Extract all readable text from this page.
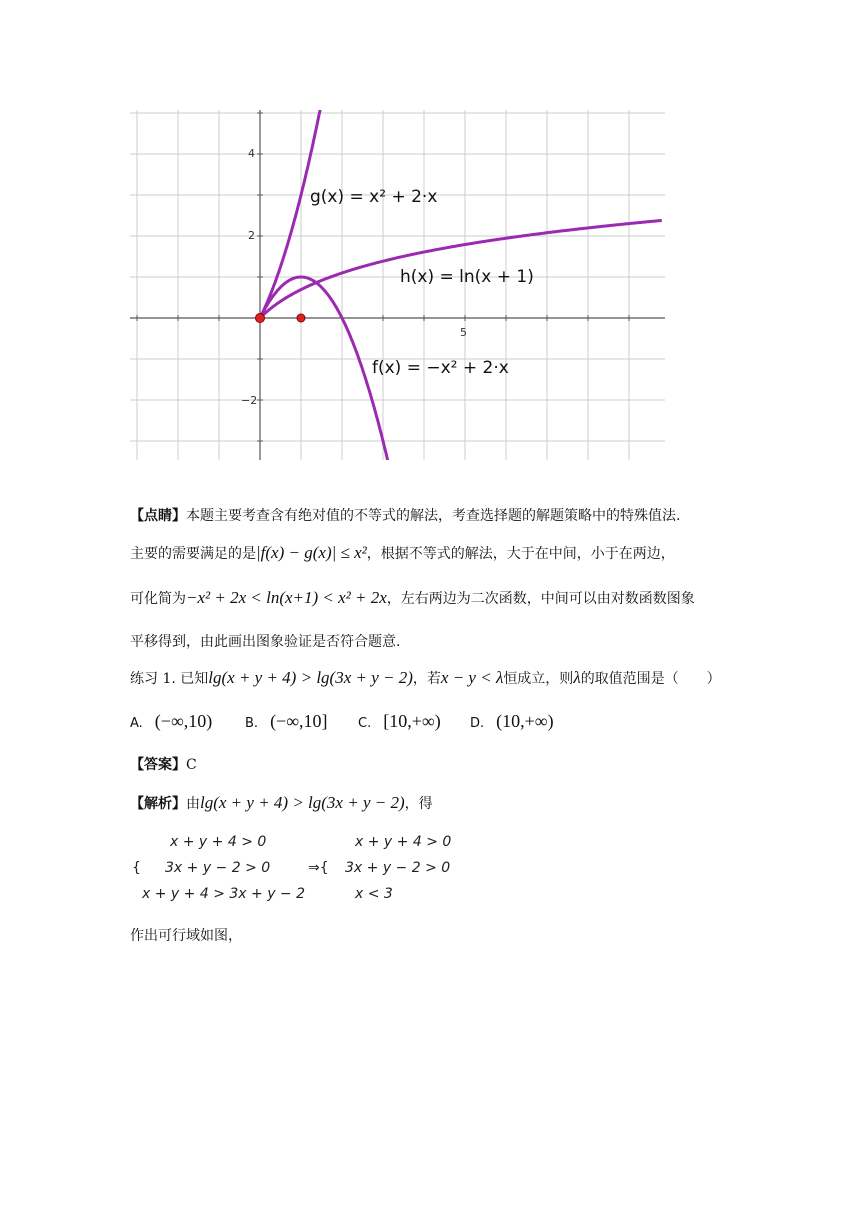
4
2
−2
5
g(x) = x² + 2·x
h(x) = ln(x + 1)
f(x) = −x² + 2·x
【点睛】本题主要考查含有绝对值的不等式的解法，考查选择题的解题策略中的特殊值法.
主要的需要满足的是|f(x) − g(x)| ≤ x²，根据不等式的解法，大于在中间，小于在两边，
可化简为−x² + 2x < ln(x+1) < x² + 2x，左右两边为二次函数，中间可以由对数函数图象
平移得到，由此画出图象验证是否符合题意.
练习 1. 已知lg(x + y + 4) > lg(3x + y − 2)，若x − y < λ恒成立，则λ的取值范围是（　　）
A. (−∞,10)	B. (−∞,10] C. [10,+∞) D. (10,+∞)
【答案】C
【解析】由lg(x + y + 4) > lg(3x + y − 2)，得
x + y + 4 > 0
{ 3x + y − 2 > 0
x + y + 4 > 3x + y − 2
x + y + 4 > 0
⇒{ 3x + y − 2 > 0
x < 3
作出可行域如图，
